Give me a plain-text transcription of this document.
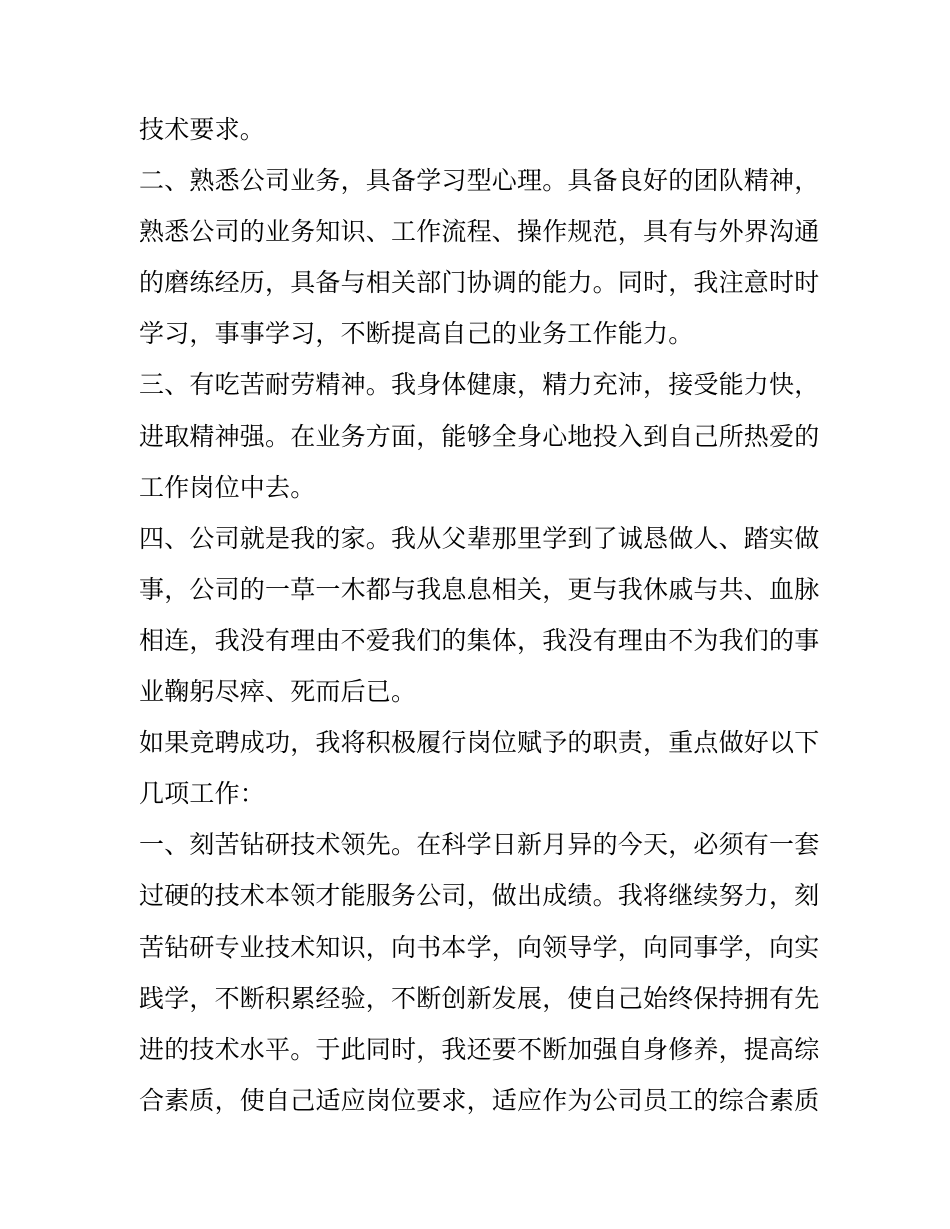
技术要求。
二、熟悉公司业务，具备学习型心理。具备良好的团队精神，
熟悉公司的业务知识、工作流程、操作规范，具有与外界沟通
的磨练经历，具备与相关部门协调的能力。同时，我注意时时
学习，事事学习，不断提高自己的业务工作能力。
三、有吃苦耐劳精神。我身体健康，精力充沛，接受能力快，
进取精神强。在业务方面，能够全身心地投入到自己所热爱的
工作岗位中去。
四、公司就是我的家。我从父辈那里学到了诚恳做人、踏实做
事，公司的一草一木都与我息息相关，更与我休戚与共、血脉
相连，我没有理由不爱我们的集体，我没有理由不为我们的事
业鞠躬尽瘁、死而后已。
如果竞聘成功，我将积极履行岗位赋予的职责，重点做好以下
几项工作：
一、刻苦钻研技术领先。在科学日新月异的今天，必须有一套
过硬的技术本领才能服务公司，做出成绩。我将继续努力，刻
苦钻研专业技术知识，向书本学，向领导学，向同事学，向实
践学，不断积累经验，不断创新发展，使自己始终保持拥有先
进的技术水平。于此同时，我还要不断加强自身修养，提高综
合素质，使自己适应岗位要求，适应作为公司员工的综合素质
